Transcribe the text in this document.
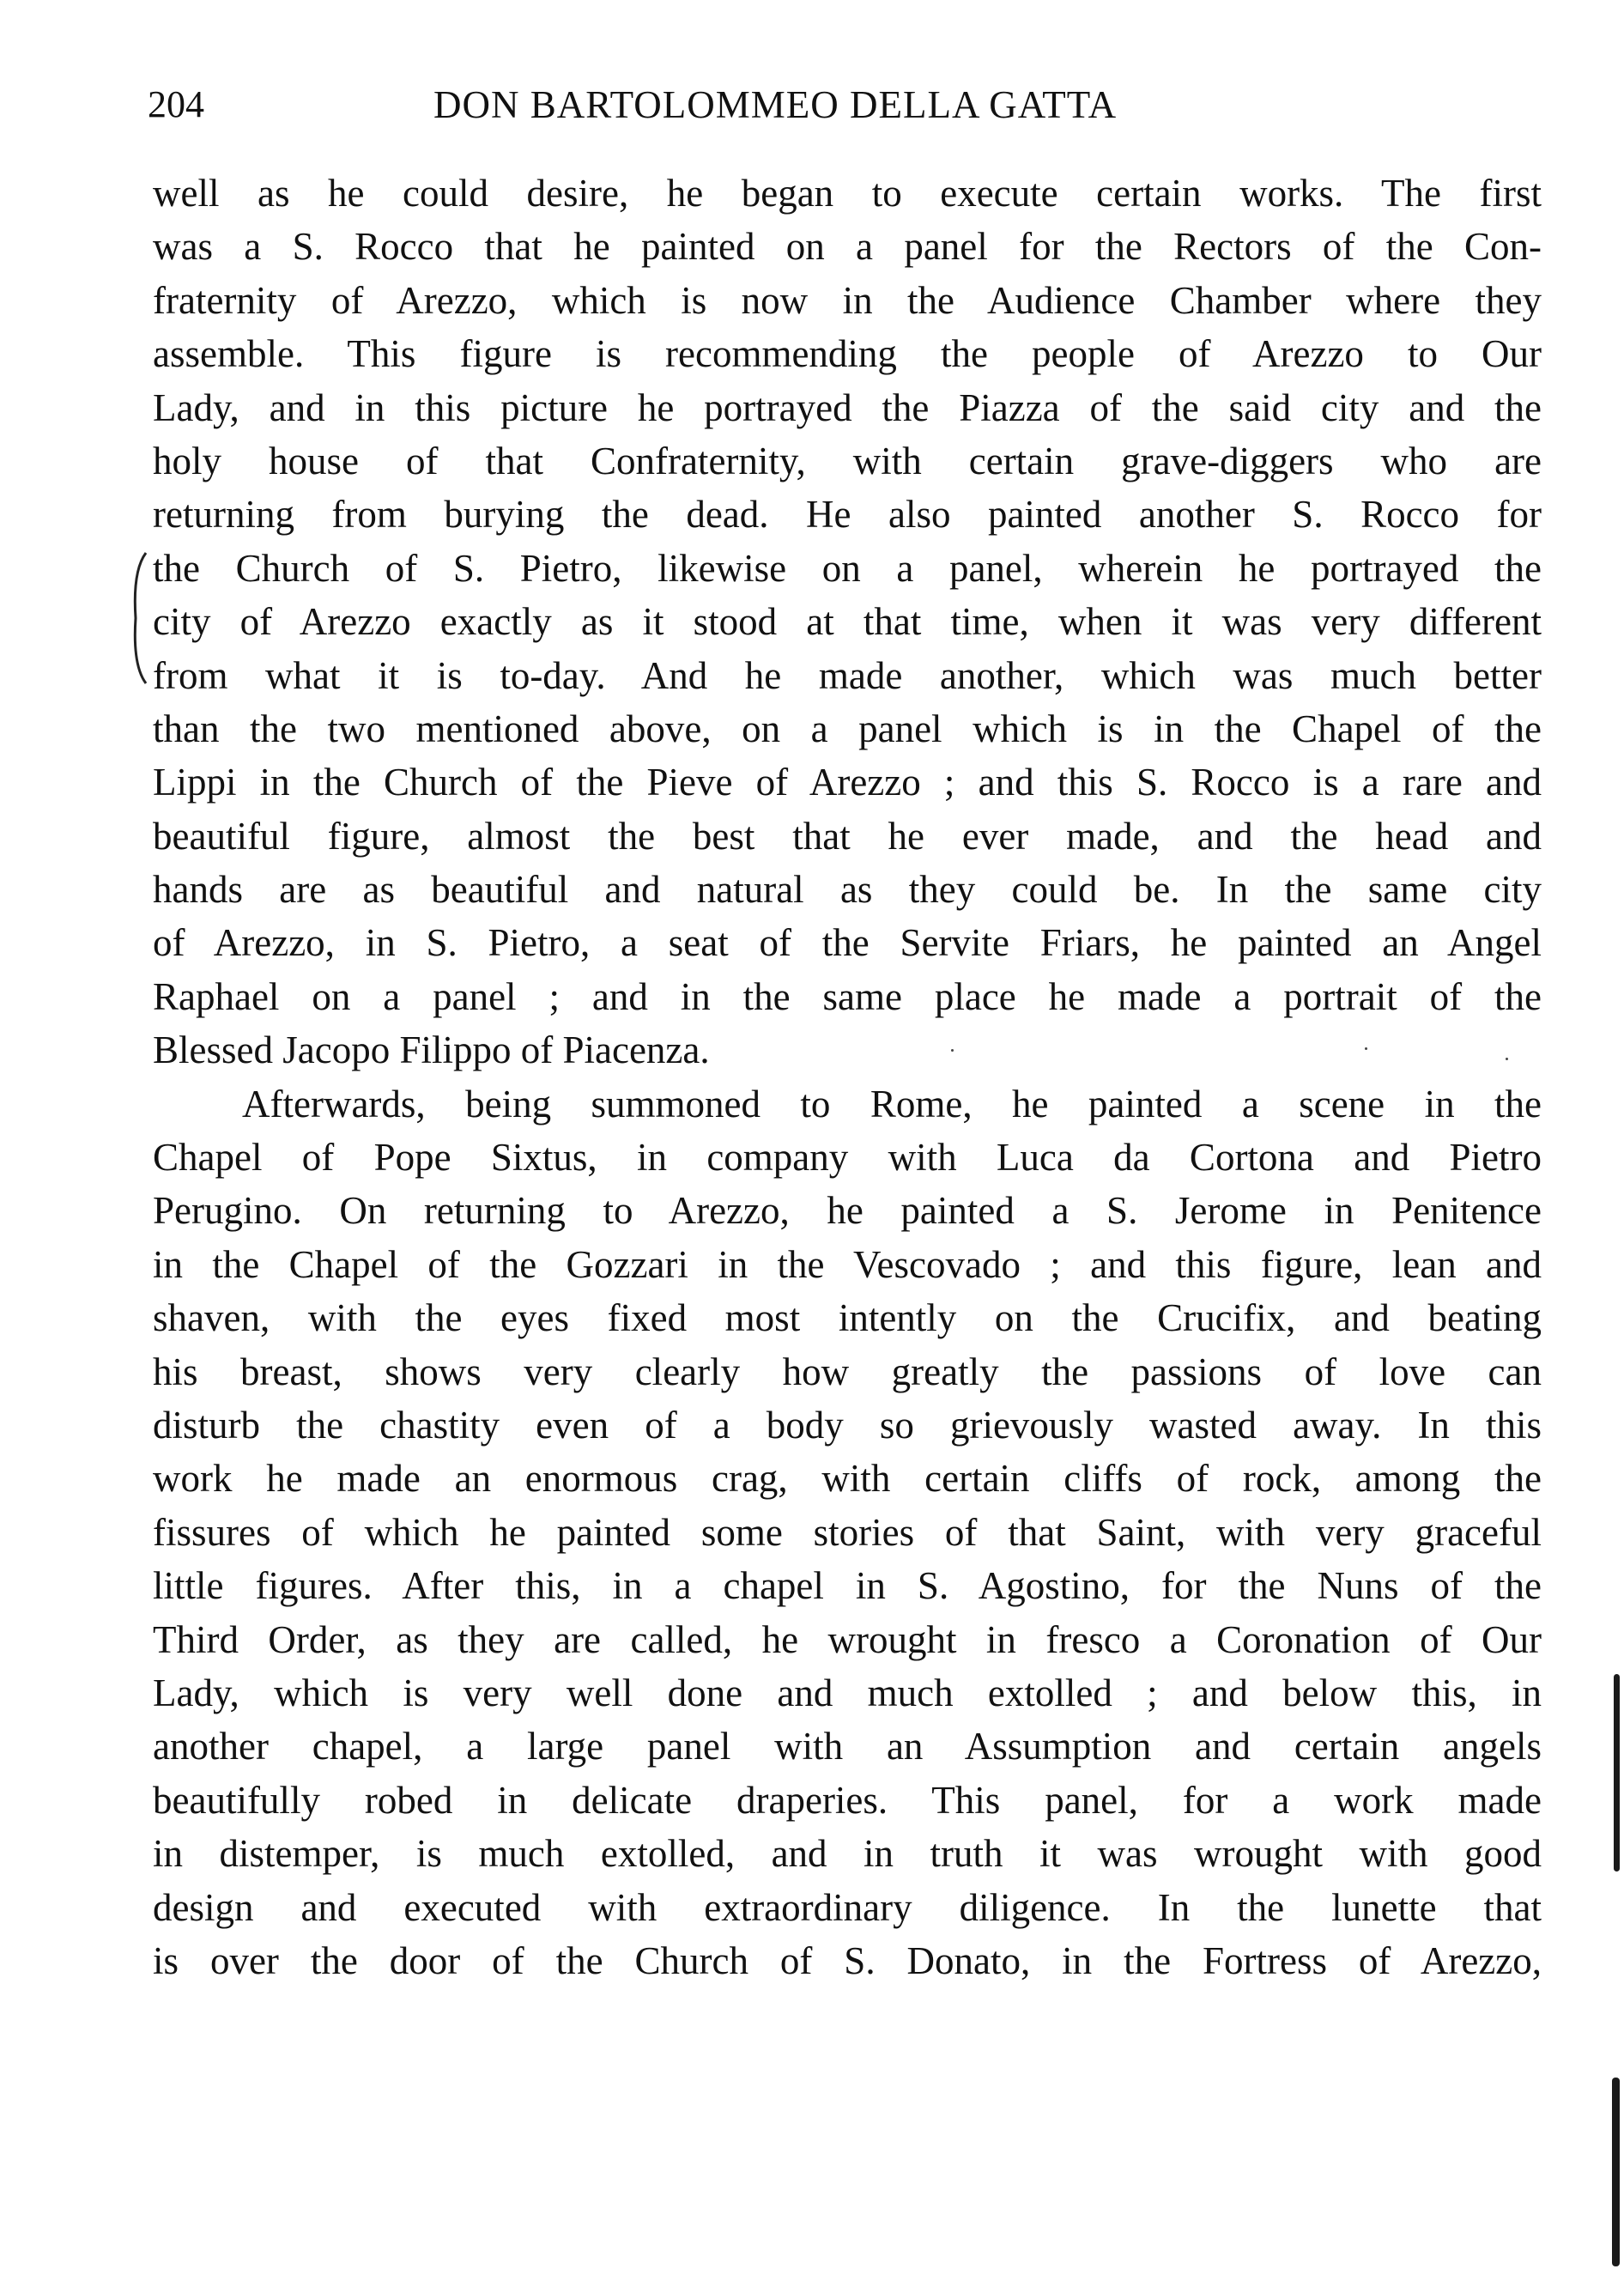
204	DON BARTOLOMMEO DELLA GATTA
well as he could desire, he began to execute certain works. The first
was a S. Rocco that he painted on a panel for the Rectors of the Con-
fraternity of Arezzo, which is now in the Audience Chamber where they
assemble. This figure is recommending the people of Arezzo to Our
Lady, and in this picture he portrayed the Piazza of the said city and the
holy house of that Confraternity, with certain grave-diggers who are
returning from burying the dead. He also painted another S. Rocco for
the Church of S. Pietro, likewise on a panel, wherein he portrayed the
city of Arezzo exactly as it stood at that time, when it was very different
from what it is to-day. And he made another, which was much better
than the two mentioned above, on a panel which is in the Chapel of the
Lippi in the Church of the Pieve of Arezzo ; and this S. Rocco is a rare and
beautiful figure, almost the best that he ever made, and the head and
hands are as beautiful and natural as they could be. In the same city
of Arezzo, in S. Pietro, a seat of the Servite Friars, he painted an Angel
Raphael on a panel ; and in the same place he made a portrait of the
Blessed Jacopo Filippo of Piacenza.
Afterwards, being summoned to Rome, he painted a scene in the
Chapel of Pope Sixtus, in company with Luca da Cortona and Pietro
Perugino. On returning to Arezzo, he painted a S. Jerome in Penitence
in the Chapel of the Gozzari in the Vescovado ; and this figure, lean and
shaven, with the eyes fixed most intently on the Crucifix, and beating
his breast, shows very clearly how greatly the passions of love can
disturb the chastity even of a body so grievously wasted away. In this
work he made an enormous crag, with certain cliffs of rock, among the
fissures of which he painted some stories of that Saint, with very graceful
little figures. After this, in a chapel in S. Agostino, for the Nuns of the
Third Order, as they are called, he wrought in fresco a Coronation of Our
Lady, which is very well done and much extolled ; and below this, in
another chapel, a large panel with an Assumption and certain angels
beautifully robed in delicate draperies. This panel, for a work made
in distemper, is much extolled, and in truth it was wrought with good
design and executed with extraordinary diligence. In the lunette that
is over the door of the Church of S. Donato, in the Fortress of Arezzo,
